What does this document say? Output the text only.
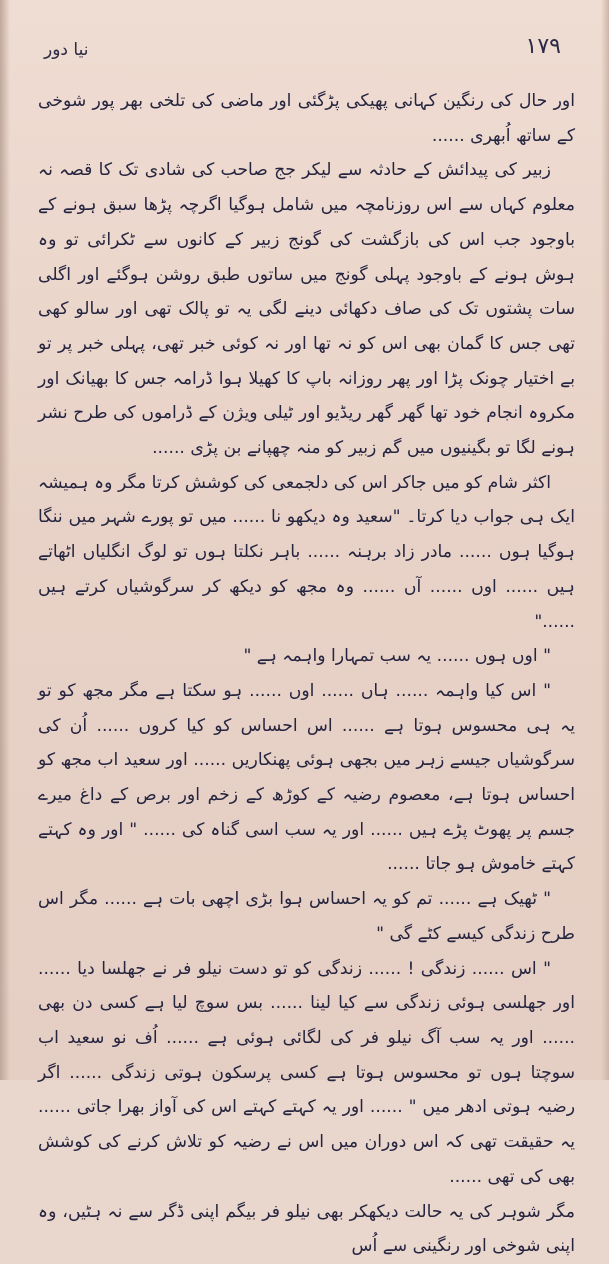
۱۷۹
نیا دور

اور حال کی رنگین کہانی پھیکی پڑگئی اور ماضی کی تلخی بھر پور شوخی کے ساتھ اُبھری ......

زبیر کی پیدائش کے حادثہ سے لیکر جج صاحب کی شادی تک کا قصہ نہ معلوم کہاں سے اس روزنامچہ میں شامل ہوگیا اگرچہ پڑھا سبق ہونے کے باوجود جب اس کی بازگشت کی گونج زبیر کے کانوں سے ٹکرائی تو وہ ہوش ہونے کے باوجود پہلی گونج میں ساتوں طبق روشن ہوگئے اور اگلی سات پشتوں تک کی صاف دکھائی دینے لگی یہ تو پالک تھی اور سالو کھی تھی جس کا گمان بھی اس کو نہ تھا اور نہ کوئی خبر تھی، پہلی خبر پر تو بے اختیار چونک پڑا اور پھر روزانہ باپ کا کھیلا ہوا ڈرامہ جس کا بھیانک اور مکروہ انجام خود تھا گھر گھر ریڈیو اور ٹیلی ویژن کے ڈراموں کی طرح نشر ہونے لگا تو بگینیوں میں گم زبیر کو منہ چھپانے بن پڑی ......

اکثر شام کو میں جاکر اس کی دلجمعی کی کوشش کرتا مگر وہ ہمیشہ ایک ہی جواب دیا کرتا۔ "سعید وہ دیکھو نا ...... میں تو پورے شہر میں ننگا ہوگیا ہوں ...... مادر زاد برہنہ ...... باہر نکلتا ہوں تو لوگ انگلیاں اٹھاتے ہیں ...... اوں ...... آں ...... وہ مجھ کو دیکھ کر سرگوشیاں کرتے ہیں ......"

" اوں ہوں ...... یہ سب تمہارا واہمہ ہے "

" اس کیا واہمہ ...... ہاں ...... اوں ...... ہو سکتا ہے مگر مجھ کو تو یہ ہی محسوس ہوتا ہے ...... اس احساس کو کیا کروں ...... اُن کی سرگوشیاں جیسے زہر میں بجھی ہوئی پھنکاریں ...... اور سعید اب مجھ کو احساس ہوتا ہے، معصوم رضیہ کے کوڑھ کے زخم اور برص کے داغ میرے جسم پر پھوٹ پڑے ہیں ...... اور یہ سب اسی گناہ کی ...... " اور وہ کہتے کہتے خاموش ہو جاتا ......

" ٹھیک ہے ...... تم کو یہ احساس ہوا بڑی اچھی بات ہے ...... مگر اس طرح زندگی کیسے کٹے گی "

" اس ...... زندگی ! ...... زندگی کو تو دست نیلو فر نے جھلسا دیا ...... اور جھلسی ہوئی زندگی سے کیا لینا ...... بس سوچ لیا ہے کسی دن بھی ...... اور یہ سب آگ نیلو فر کی لگائی ہوئی ہے ...... اُف نو سعید اب سوچتا ہوں تو محسوس ہوتا ہے کسی پرسکون ہوتی زندگی ...... اگر رضیہ ہوتی ادھر میں " ...... اور یہ کہتے کہتے اس کی آواز بھرا جاتی ...... یہ حقیقت تھی کہ اس دوران میں اس نے رضیہ کو تلاش کرنے کی کوشش بھی کی تھی ......

مگر شوہر کی یہ حالت دیکھکر بھی نیلو فر بیگم اپنی ڈگر سے نہ ہٹیں، وہ اپنی شوخی اور رنگینی سے اُس
